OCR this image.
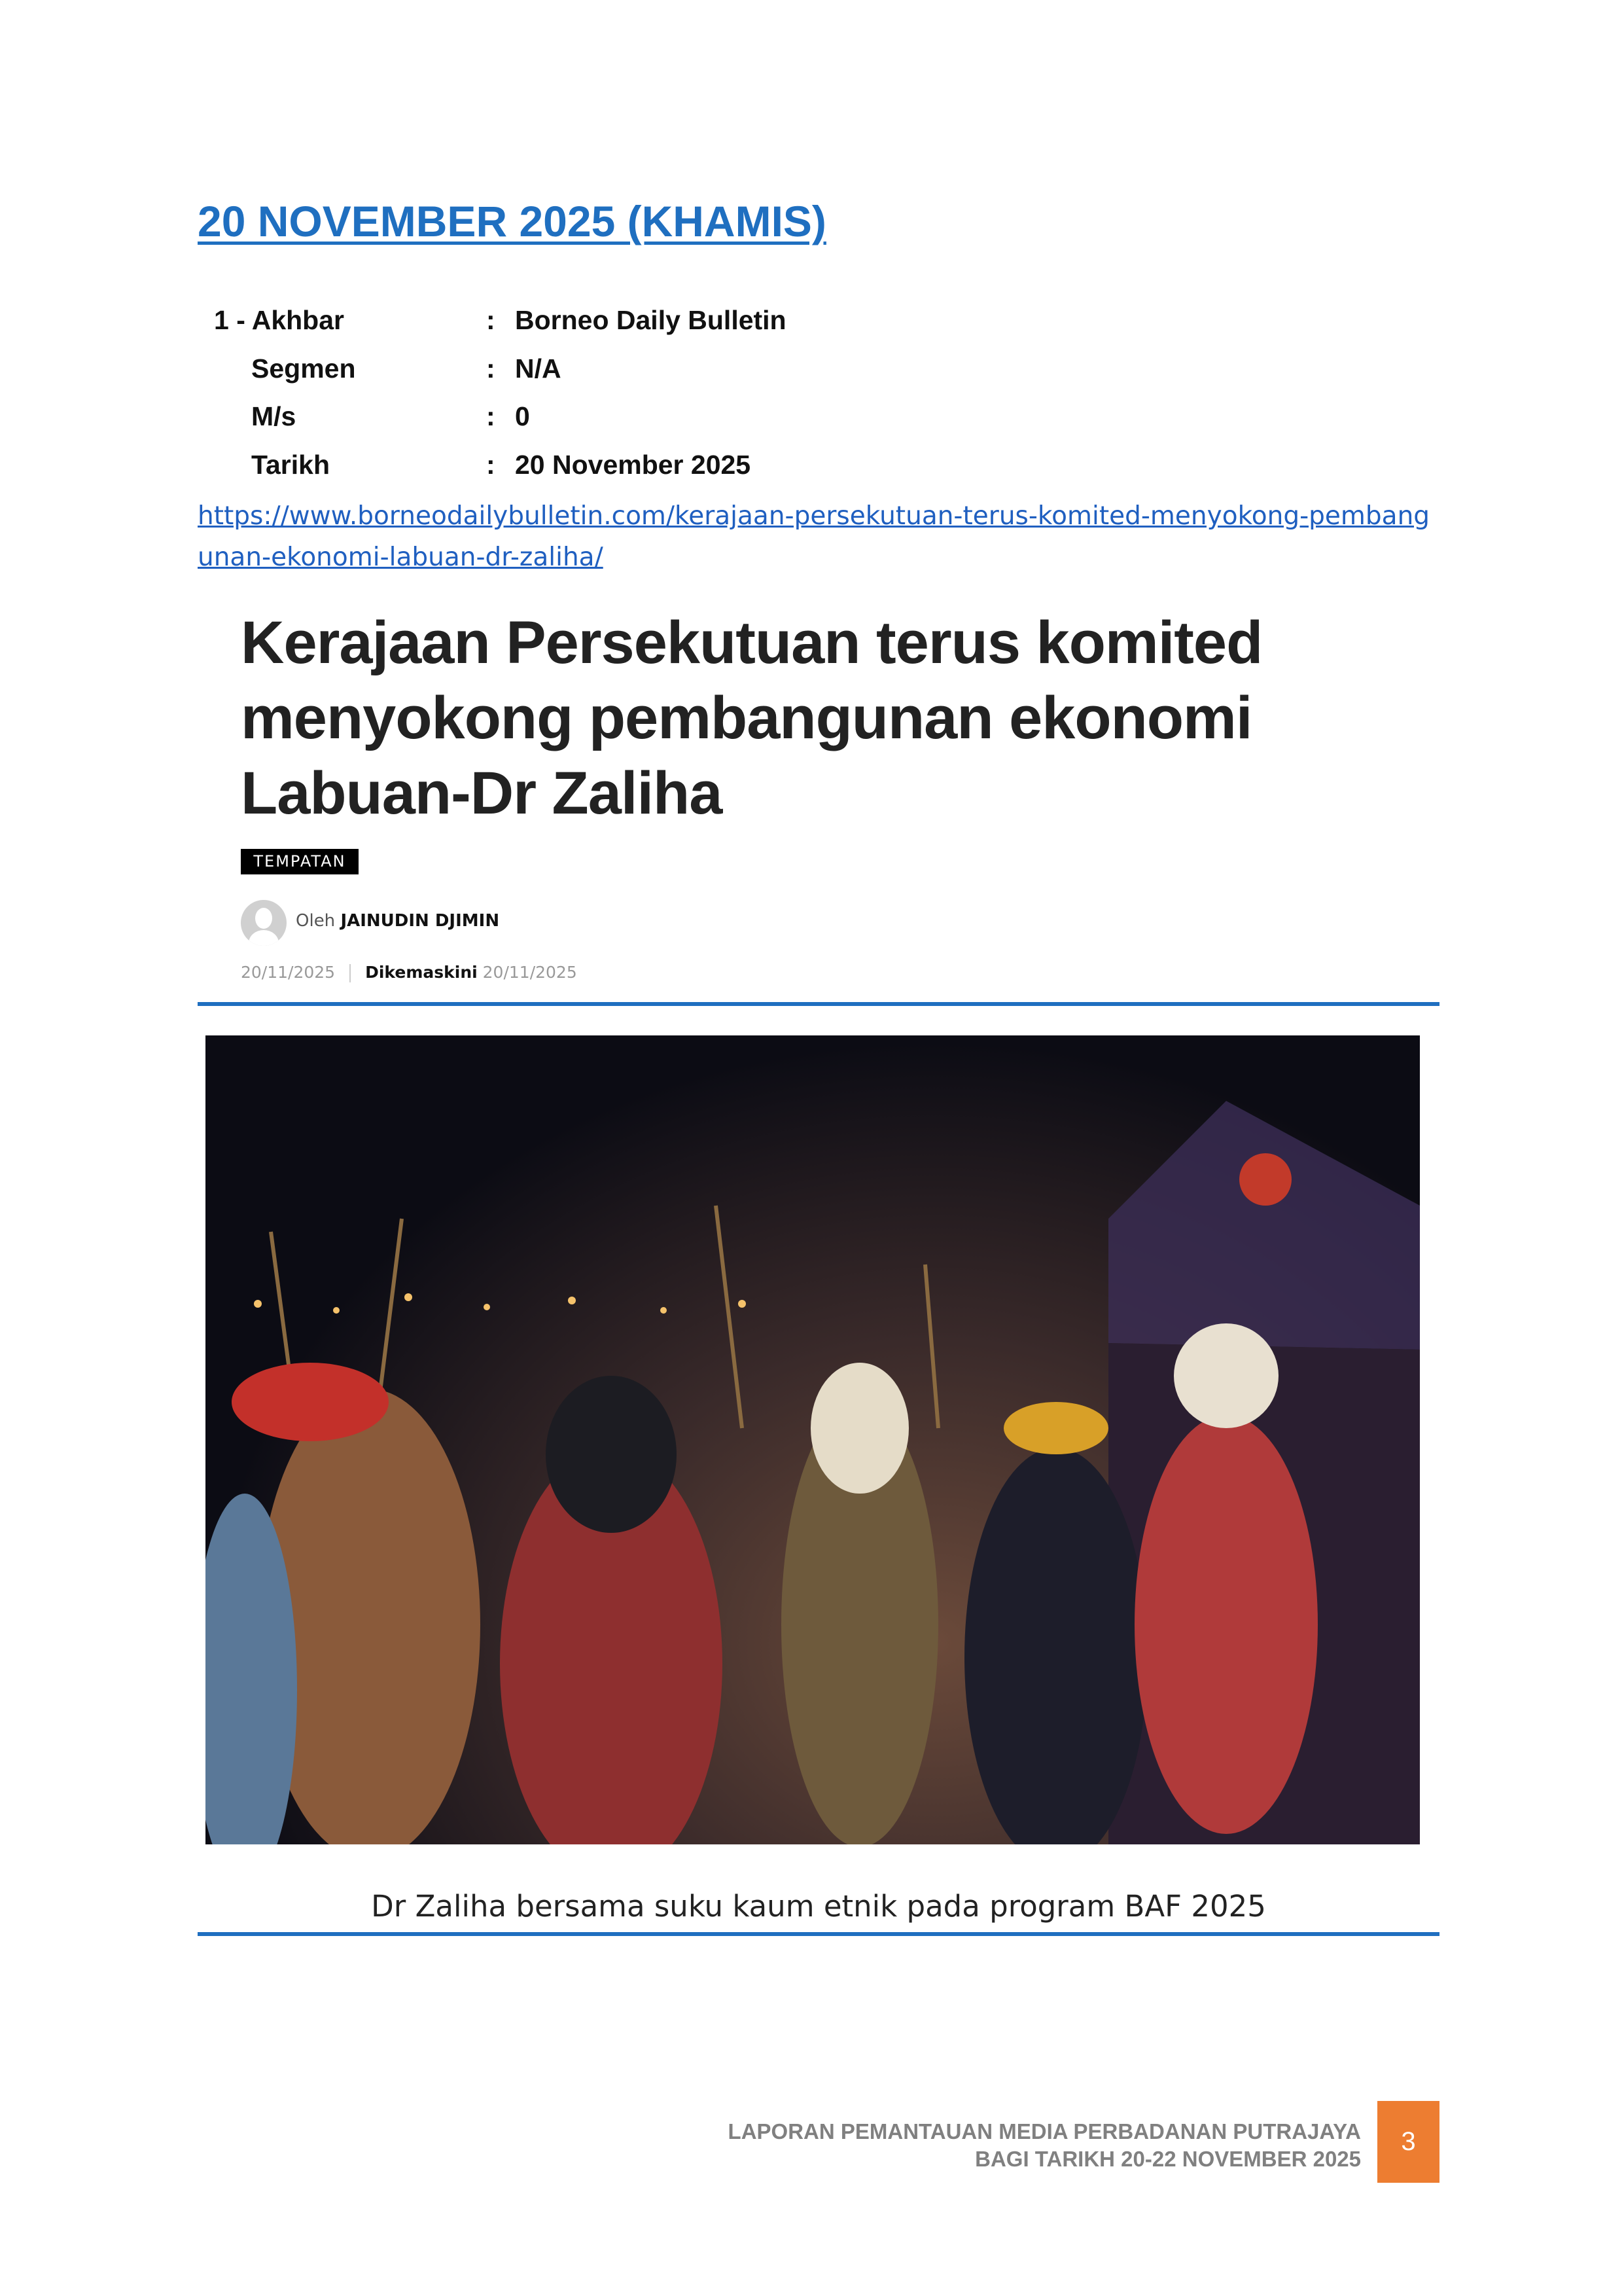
20 NOVEMBER 2025 (KHAMIS)
1 - Akhbar	: Borneo Daily Bulletin
Segmen	: N/A
M/s	: 0
Tarikh	: 20 November 2025
https://www.borneodailybulletin.com/kerajaan-persekutuan-terus-komited-menyokong-pembangunan-ekonomi-labuan-dr-zaliha/
Kerajaan Persekutuan terus komited menyokong pembangunan ekonomi Labuan-Dr Zaliha
TEMPATAN
Oleh JAINUDIN DJIMIN
20/11/2025 Dikemaskini 20/11/2025
Dr Zaliha bersama suku kaum etnik pada program BAF 2025
LAPORAN PEMANTAUAN MEDIA PERBADANAN PUTRAJAYA
BAGI TARIKH 20-22 NOVEMBER 2025
3
